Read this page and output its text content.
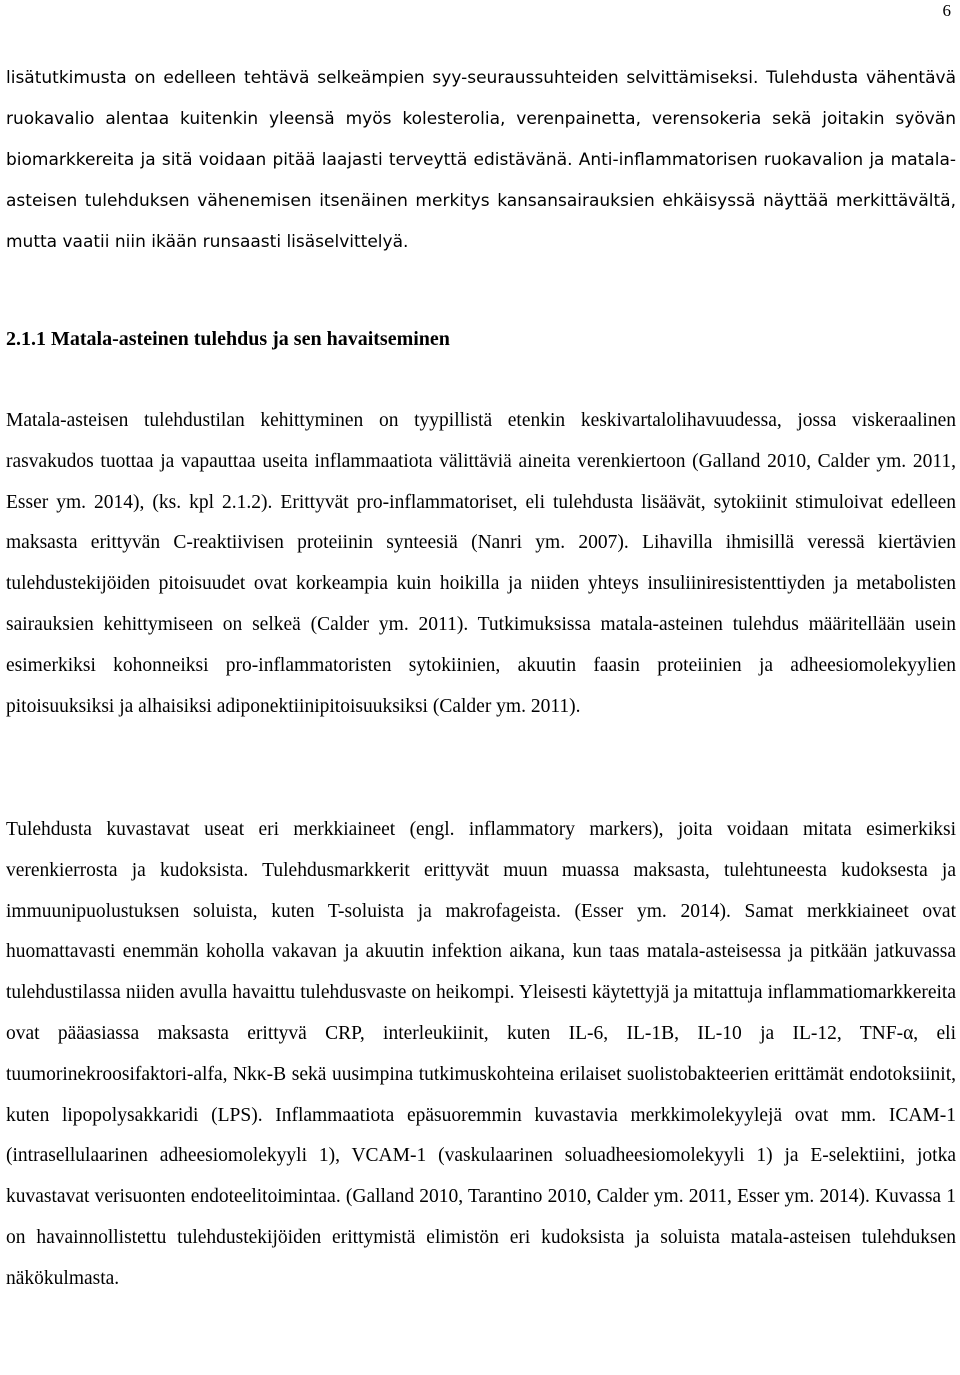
6

lisätutkimusta on edelleen tehtävä selkeämpien syy-seuraussuhteiden selvittämiseksi. Tulehdusta vähentävä ruokavalio alentaa kuitenkin yleensä myös kolesterolia, verenpainetta, verensokeria sekä joitakin syövän biomarkkereita ja sitä voidaan pitää laajasti terveyttä edistävänä. Anti-inflammatorisen ruokavalion ja matala-asteisen tulehduksen vähenemisen itsenäinen merkitys kansansairauksien ehkäisyssä näyttää merkittävältä, mutta vaatii niin ikään runsaasti lisäselvittelyä.

2.1.1 Matala-asteinen tulehdus ja sen havaitseminen

Matala-asteisen tulehdustilan kehittyminen on tyypillistä etenkin keskivartalolihavuudessa, jossa viskeraalinen rasvakudos tuottaa ja vapauttaa useita inflammaatiota välittäviä aineita verenkiertoon (Galland 2010, Calder ym. 2011, Esser ym. 2014), (ks. kpl 2.1.2). Erittyvät pro-inflammatoriset, eli tulehdusta lisäävät, sytokiinit stimuloivat edelleen maksasta erittyvän C-reaktiivisen proteiinin synteesiä (Nanri ym. 2007). Lihavilla ihmisillä veressä kiertävien tulehdustekijöiden pitoisuudet ovat korkeampia kuin hoikilla ja niiden yhteys insuliiniresistenttiyden ja metabolisten sairauksien kehittymiseen on selkeä (Calder ym. 2011). Tutkimuksissa matala-asteinen tulehdus määritellään usein esimerkiksi kohonneiksi pro-inflammatoristen sytokiinien, akuutin faasin proteiinien ja adheesiomolekyylien pitoisuuksiksi ja alhaisiksi adiponektiinipitoisuuksiksi (Calder ym. 2011).

Tulehdusta kuvastavat useat eri merkkiaineet (engl. inflammatory markers), joita voidaan mitata esimerkiksi verenkierrosta ja kudoksista. Tulehdusmarkkerit erittyvät muun muassa maksasta, tulehtuneesta kudoksesta ja immuunipuolustuksen soluista, kuten T-soluista ja makrofageista. (Esser ym. 2014). Samat merkkiaineet ovat huomattavasti enemmän koholla vakavan ja akuutin infektion aikana, kun taas matala-asteisessa ja pitkään jatkuvassa tulehdustilassa niiden avulla havaittu tulehdusvaste on heikompi. Yleisesti käytettyjä ja mitattuja inflammatiomarkkereita ovat pääasiassa maksasta erittyvä CRP, interleukiinit, kuten IL-6, IL-1B, IL-10 ja IL-12, TNF-α, eli tuumorinekroosifaktori-alfa, Nkκ-B sekä uusimpina tutkimuskohteina erilaiset suolistobakteerien erittämät endotoksiinit, kuten lipopolysakkaridi (LPS). Inflammaatiota epäsuoremmin kuvastavia merkkimolekyylejä ovat mm. ICAM-1 (intrasellulaarinen adheesiomolekyyli 1), VCAM-1 (vaskulaarinen soluadheesiomolekyyli 1) ja E-selektiini, jotka kuvastavat verisuonten endoteelitoimintaa. (Galland 2010, Tarantino 2010, Calder ym. 2011, Esser ym. 2014). Kuvassa 1 on havainnollistettu tulehdustekijöiden erittymistä elimistön eri kudoksista ja soluista matala-asteisen tulehduksen näkökulmasta.
